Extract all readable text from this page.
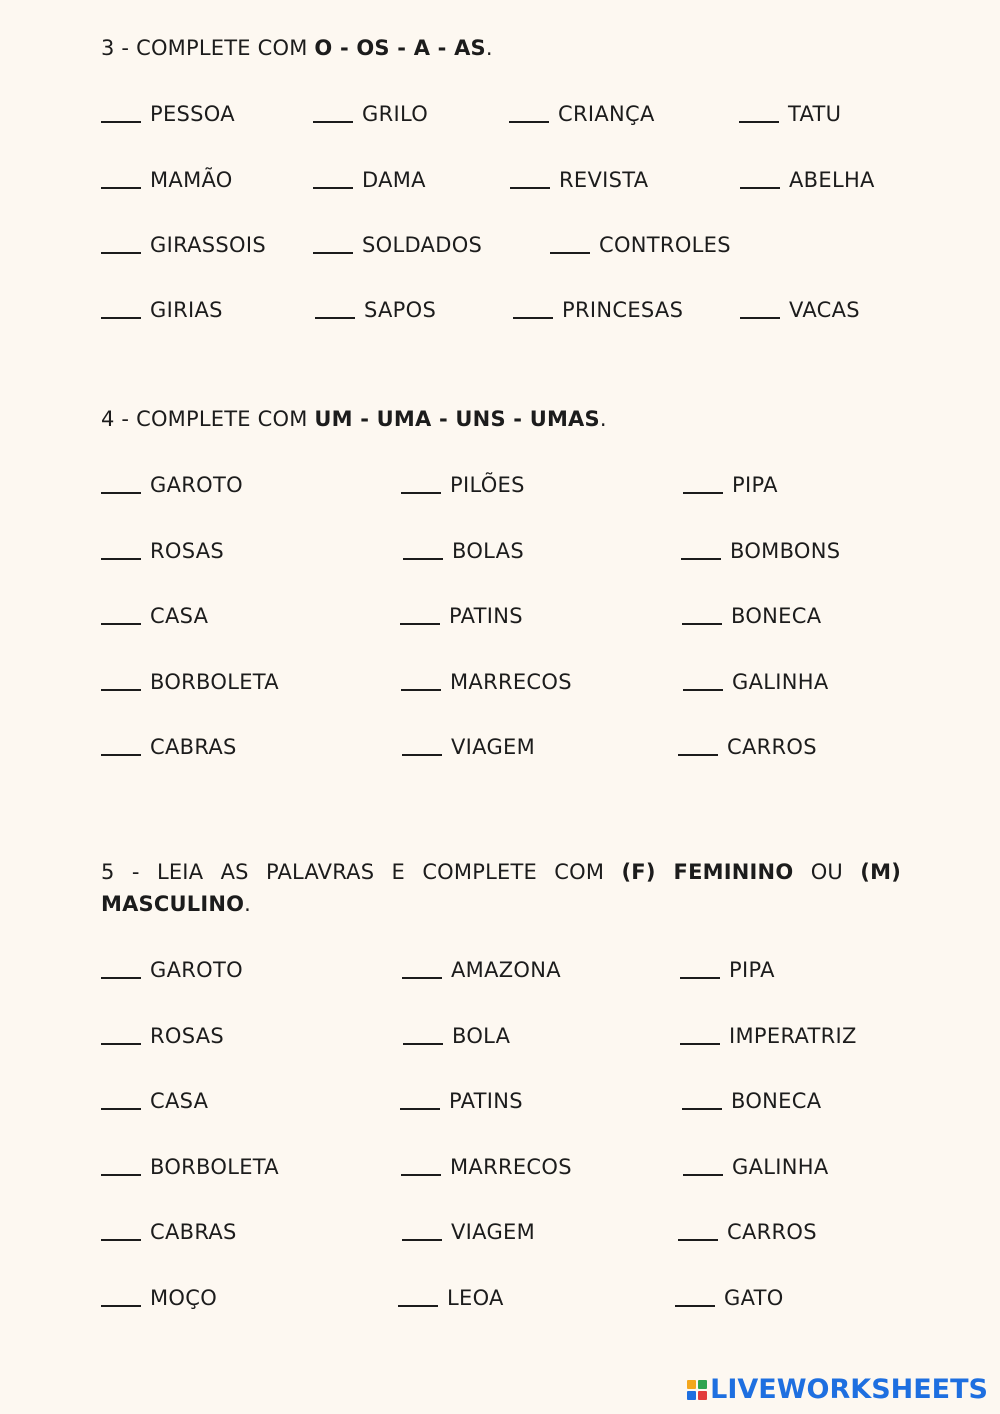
3 - COMPLETE COM O - OS - A - AS.
PESSOA	GRILO	CRIANÇA	TATU
MAMÃO	DAMA	REVISTA	ABELHA
GIRASSOIS	SOLDADOS	CONTROLES
GIRIAS	SAPOS	PRINCESAS	VACAS
4 - COMPLETE COM UM - UMA - UNS - UMAS.
GAROTO	PILÕES	PIPA
ROSAS	BOLAS	BOMBONS
CASA	PATINS	BONECA
BORBOLETA	MARRECOS	GALINHA
CABRAS	VIAGEM	CARROS
5 - LEIA AS PALAVRAS E COMPLETE COM (F) FEMININO OU (M) MASCULINO.
GAROTO	AMAZONA	PIPA
ROSAS	BOLA	IMPERATRIZ
CASA	PATINS	BONECA
BORBOLETA	MARRECOS	GALINHA
CABRAS	VIAGEM	CARROS
MOÇO	LEOA	GATO
LIVEWORKSHEETS
